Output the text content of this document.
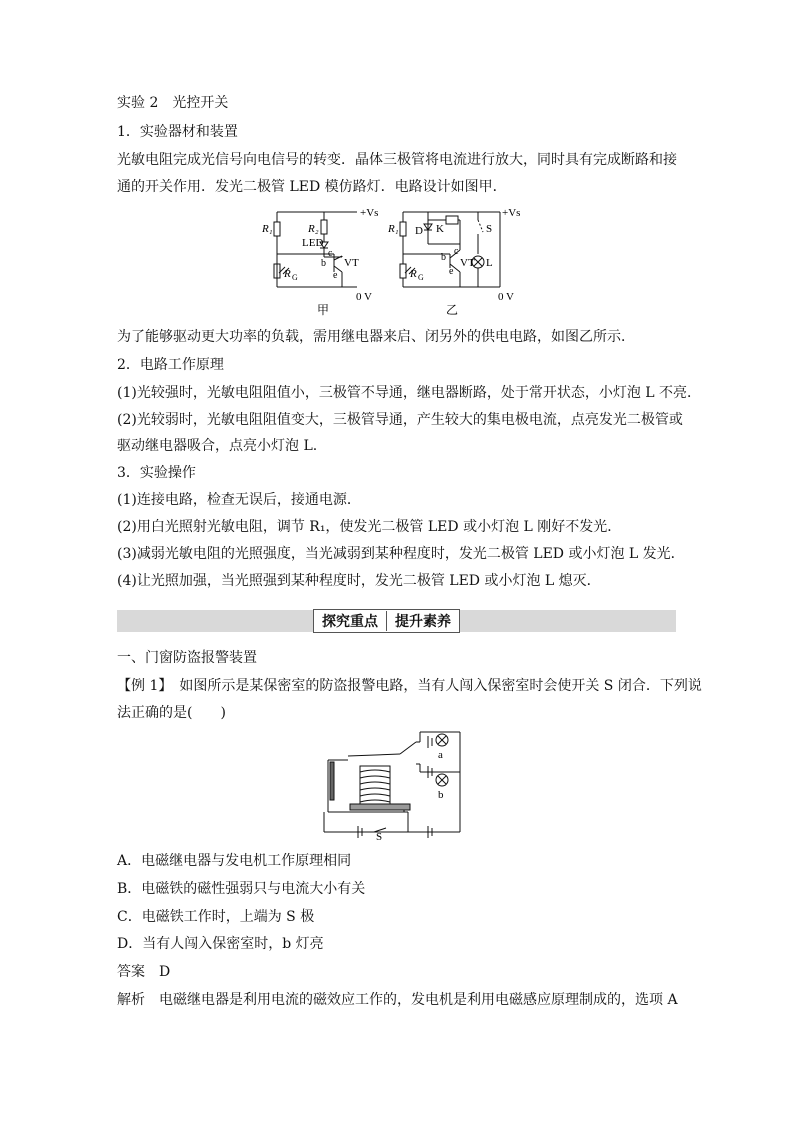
实验 2　光控开关
1．实验器材和装置
光敏电阻完成光信号向电信号的转变．晶体三极管将电流进行放大，同时具有完成断路和接
通的开关作用．发光二极管 LED 模仿路灯．电路设计如图甲．
+Vs
R₁	R₂
LED
c
b
e
VT
R G
0 V
甲
+Vs
R₁ D K	S
c
b
e
VT L
R G
0 V
乙
为了能够驱动更大功率的负载，需用继电器来启、闭另外的供电电路，如图乙所示．
2．电路工作原理
(1)光较强时，光敏电阻阻值小，三极管不导通，继电器断路，处于常开状态，小灯泡 L 不亮．
(2)光较弱时，光敏电阻阻值变大，三极管导通，产生较大的集电极电流，点亮发光二极管或
驱动继电器吸合，点亮小灯泡 L.
3．实验操作
(1)连接电路，检查无误后，接通电源．
(2)用白光照射光敏电阻，调节 R₁，使发光二极管 LED 或小灯泡 L 刚好不发光．
(3)减弱光敏电阻的光照强度，当光减弱到某种程度时，发光二极管 LED 或小灯泡 L 发光．
(4)让光照加强，当光照强到某种程度时，发光二极管 LED 或小灯泡 L 熄灭．
探究重点	提升素养
一、门窗防盗报警装置
【例 1】　如图所示是某保密室的防盗报警电路，当有人闯入保密室时会使开关 S 闭合．下列说
法正确的是(　　)
a
b
S
A．电磁继电器与发电机工作原理相同
B．电磁铁的磁性强弱只与电流大小有关
C．电磁铁工作时，上端为 S 极
D．当有人闯入保密室时，b 灯亮
答案　D
解析　电磁继电器是利用电流的磁效应工作的，发电机是利用电磁感应原理制成的，选项 A
